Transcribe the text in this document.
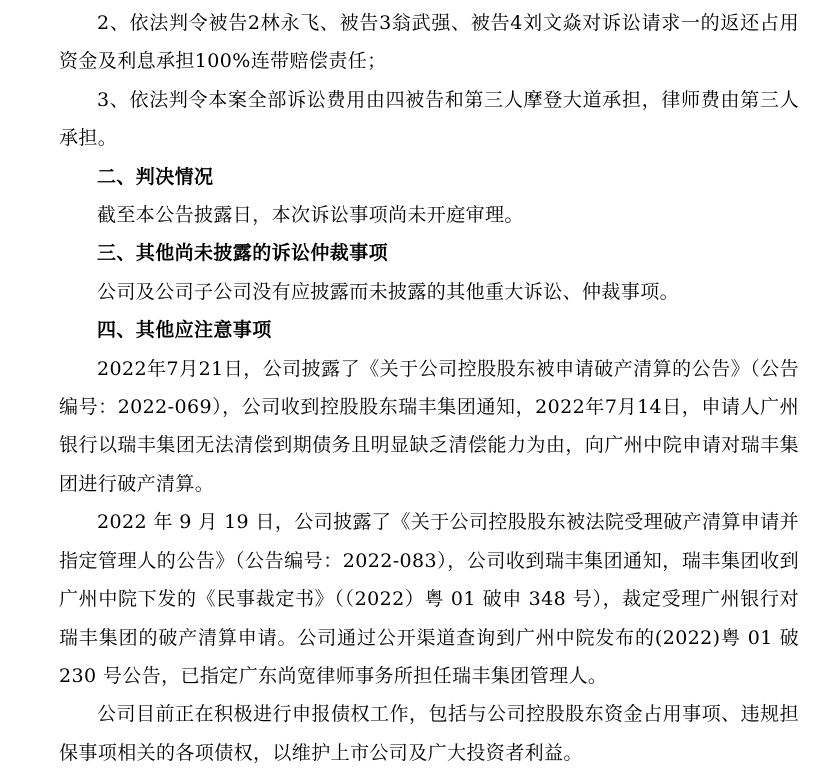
2、依法判令被告2林永飞、被告3翁武强、被告4刘文焱对诉讼请求一的返还占用资金及利息承担100%连带赔偿责任；

3、依法判令本案全部诉讼费用由四被告和第三人摩登大道承担，律师费由第三人承担。

二、判决情况

截至本公告披露日，本次诉讼事项尚未开庭审理。

三、其他尚未披露的诉讼仲裁事项

公司及公司子公司没有应披露而未披露的其他重大诉讼、仲裁事项。

四、其他应注意事项

2022年7月21日，公司披露了《关于公司控股股东被申请破产清算的公告》（公告编号：2022-069），公司收到控股股东瑞丰集团通知，2022年7月14日，申请人广州银行以瑞丰集团无法清偿到期债务且明显缺乏清偿能力为由，向广州中院申请对瑞丰集团进行破产清算。

2022 年 9 月 19 日，公司披露了《关于公司控股股东被法院受理破产清算申请并指定管理人的公告》（公告编号：2022-083），公司收到瑞丰集团通知，瑞丰集团收到广州中院下发的《民事裁定书》（（2022）粤 01 破申 348 号），裁定受理广州银行对瑞丰集团的破产清算申请。公司通过公开渠道查询到广州中院发布的(2022)粤 01 破 230 号公告，已指定广东尚宽律师事务所担任瑞丰集团管理人。

公司目前正在积极进行申报债权工作，包括与公司控股股东资金占用事项、违规担保事项相关的各项债权，以维护上市公司及广大投资者利益。
